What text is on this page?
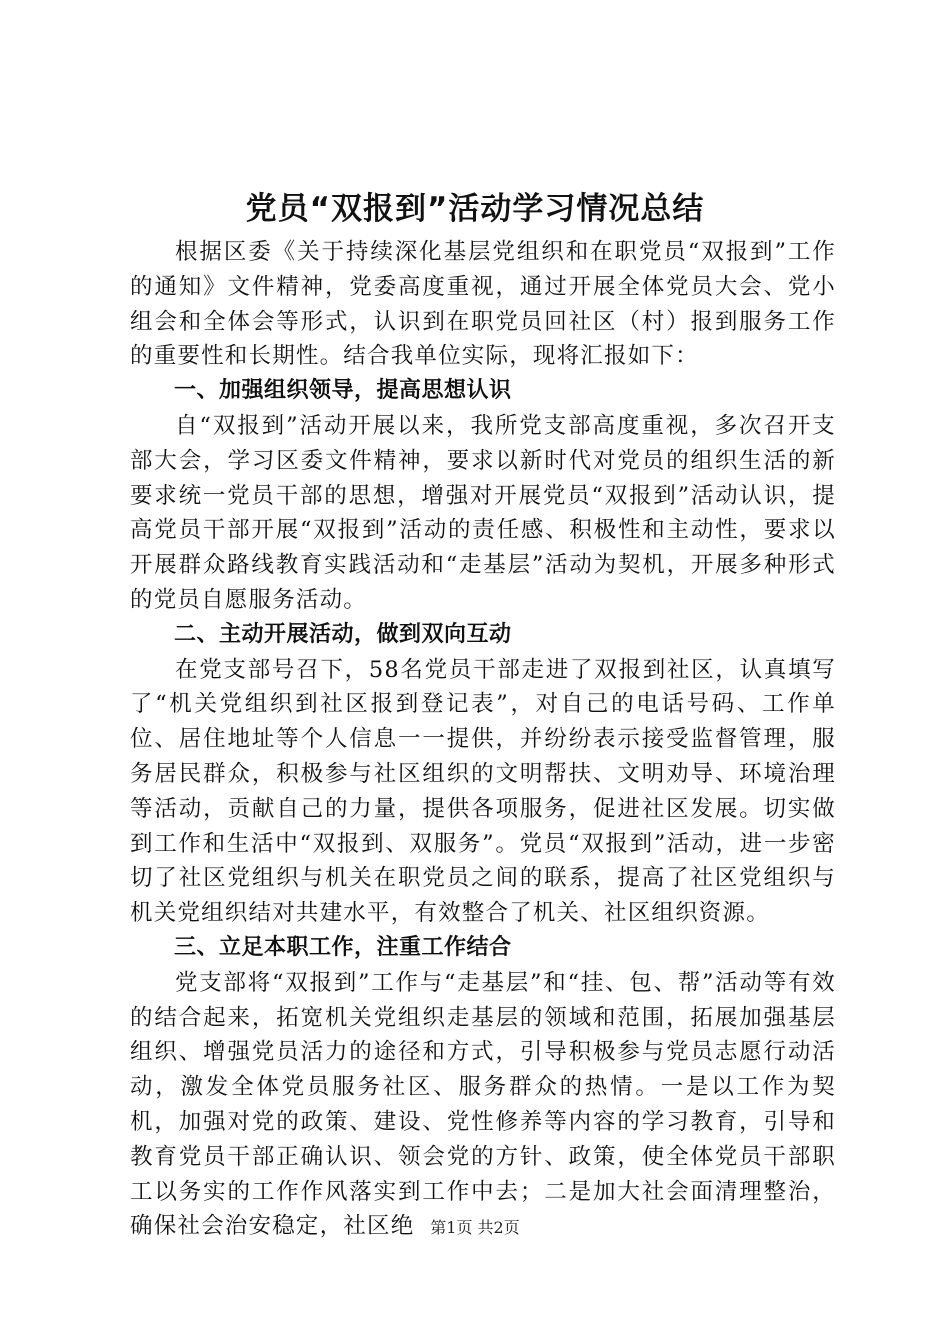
党员“双报到”活动学习情况总结

根据区委《关于持续深化基层党组织和在职党员“双报到”工作的通知》文件精神，党委高度重视，通过开展全体党员大会、党小组会和全体会等形式，认识到在职党员回社区（村）报到服务工作的重要性和长期性。结合我单位实际，现将汇报如下：

一、加强组织领导，提高思想认识

自“双报到”活动开展以来，我所党支部高度重视，多次召开支部大会，学习区委文件精神，要求以新时代对党员的组织生活的新要求统一党员干部的思想，增强对开展党员“双报到”活动认识，提高党员干部开展“双报到”活动的责任感、积极性和主动性，要求以开展群众路线教育实践活动和“走基层”活动为契机，开展多种形式的党员自愿服务活动。

二、主动开展活动，做到双向互动

在党支部号召下，58名党员干部走进了双报到社区，认真填写了“机关党组织到社区报到登记表”，对自己的电话号码、工作单位、居住地址等个人信息一一提供，并纷纷表示接受监督管理，服务居民群众，积极参与社区组织的文明帮扶、文明劝导、环境治理等活动，贡献自己的力量，提供各项服务，促进社区发展。切实做到工作和生活中“双报到、双服务”。党员“双报到”活动，进一步密切了社区党组织与机关在职党员之间的联系，提高了社区党组织与机关党组织结对共建水平，有效整合了机关、社区组织资源。

三、立足本职工作，注重工作结合

党支部将“双报到”工作与“走基层”和“挂、包、帮”活动等有效的结合起来，拓宽机关党组织走基层的领域和范围，拓展加强基层组织、增强党员活力的途径和方式，引导积极参与党员志愿行动活动，激发全体党员服务社区、服务群众的热情。一是以工作为契机，加强对党的政策、建设、党性修养等内容的学习教育，引导和教育党员干部正确认识、领会党的方针、政策，使全体党员干部职工以务实的工作作风落实到工作中去；二是加大社会面清理整治，确保社会治安稳定，社区绝 第1页 共2页
